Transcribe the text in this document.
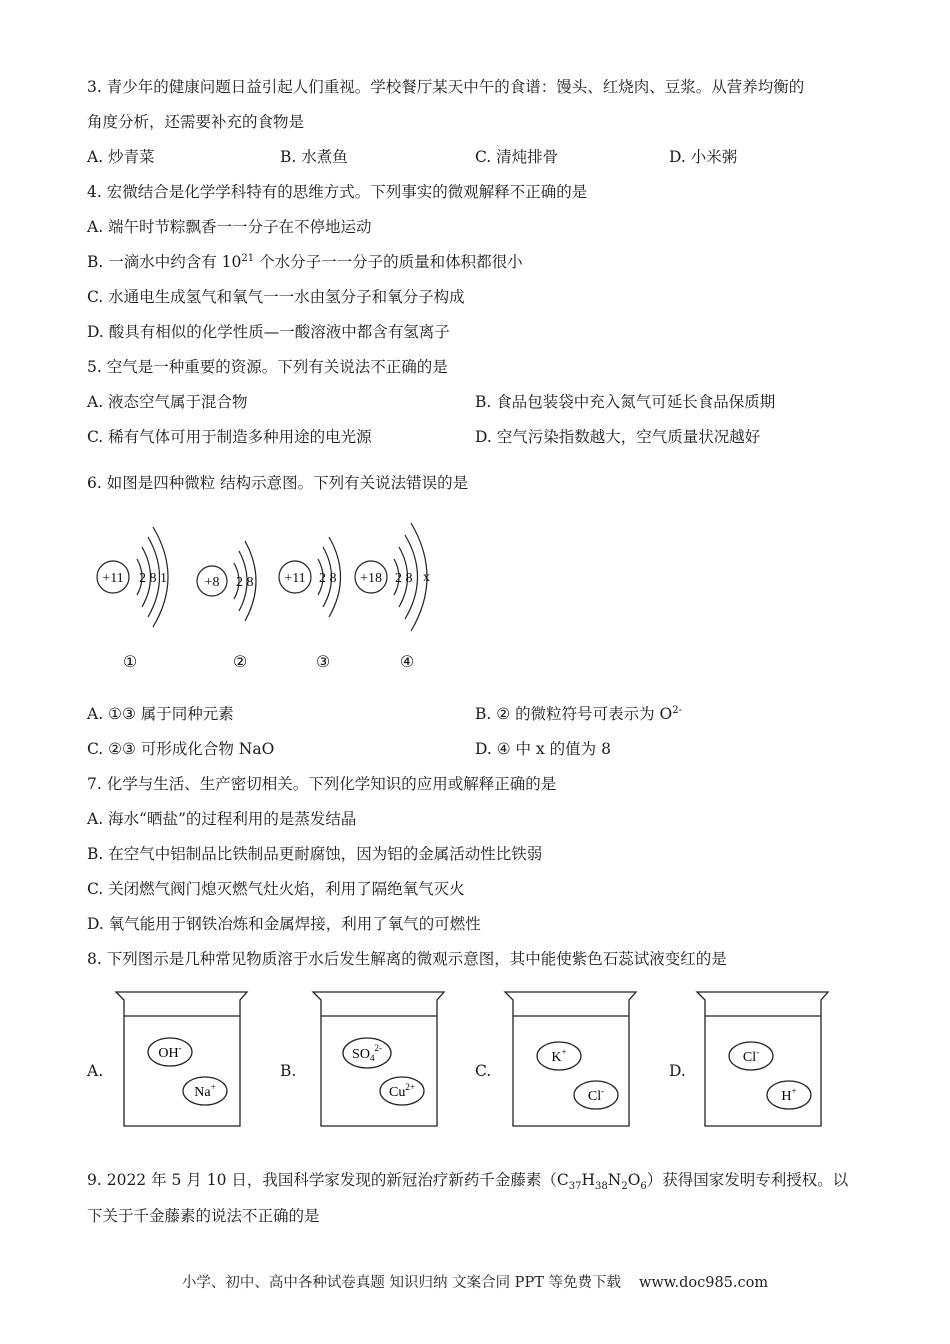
3. 青少年的健康问题日益引起人们重视。学校餐厅某天中午的食谱：馒头、红烧肉、豆浆。从营养均衡的
角度分析，还需要补充的食物是
A. 炒青菜	B. 水煮鱼	C. 清炖排骨	D. 小米粥
4. 宏微结合是化学学科特有的思维方式。下列事实的微观解释不正确的是
A. 端午时节粽飘香一一分子在不停地运动
B. 一滴水中约含有 $10^{21}$ 个水分子一一分子的质量和体积都很小
C. 水通电生成氢气和氧气一一水由氢分子和氧分子构成
D. 酸具有相似的化学性质—一酸溶液中都含有氢离子
5. 空气是一种重要的资源。下列有关说法不正确的是
A. 液态空气属于混合物	B. 食品包装袋中充入氮气可延长食品保质期
C. 稀有气体可用于制造多种用途的电光源	D. 空气污染指数越大，空气质量状况越好
6. 如图是四种微粒 结构示意图。下列有关说法错误的是
+11 2 8 1	+8 2 8 +11 2 8 +18 2 8 x
①	②	③	④
A. ①③ 属于同种元素	B. ② 的微粒符号可表示为 $O^{2-}$
C. ②③ 可形成化合物 NaO	D. ④ 中 x 的值为 8
7. 化学与生活、生产密切相关。下列化学知识的应用或解释正确的是
A. 海水“晒盐”的过程利用的是蒸发结晶
B. 在空气中铝制品比铁制品更耐腐蚀，因为铝的金属活动性比铁弱
C. 关闭燃气阀门熄灭燃气灶火焰，利用了隔绝氧气灭火
D. 氧气能用于钢铁冶炼和金属焊接，利用了氧气的可燃性
8. 下列图示是几种常见物质溶于水后发生解离的微观示意图，其中能使紫色石蕊试液变红的是
A.
OH-
Na+
B.
$SO_4^{2-}$
$Cu^{2+}$
C.
K+
Cl-
D.
Cl-
H+
9. 2022 年 5 月 10 日，我国科学家发现的新冠治疗新药千金藤素$(C_{37}H_{38}N_2O_6)$获得国家发明专利授权。以
下关于千金藤素的说法不正确的是
小学、初中、高中各种试卷真题 知识归纳 文案合同 PPT 等免费下载 www.doc985.com
